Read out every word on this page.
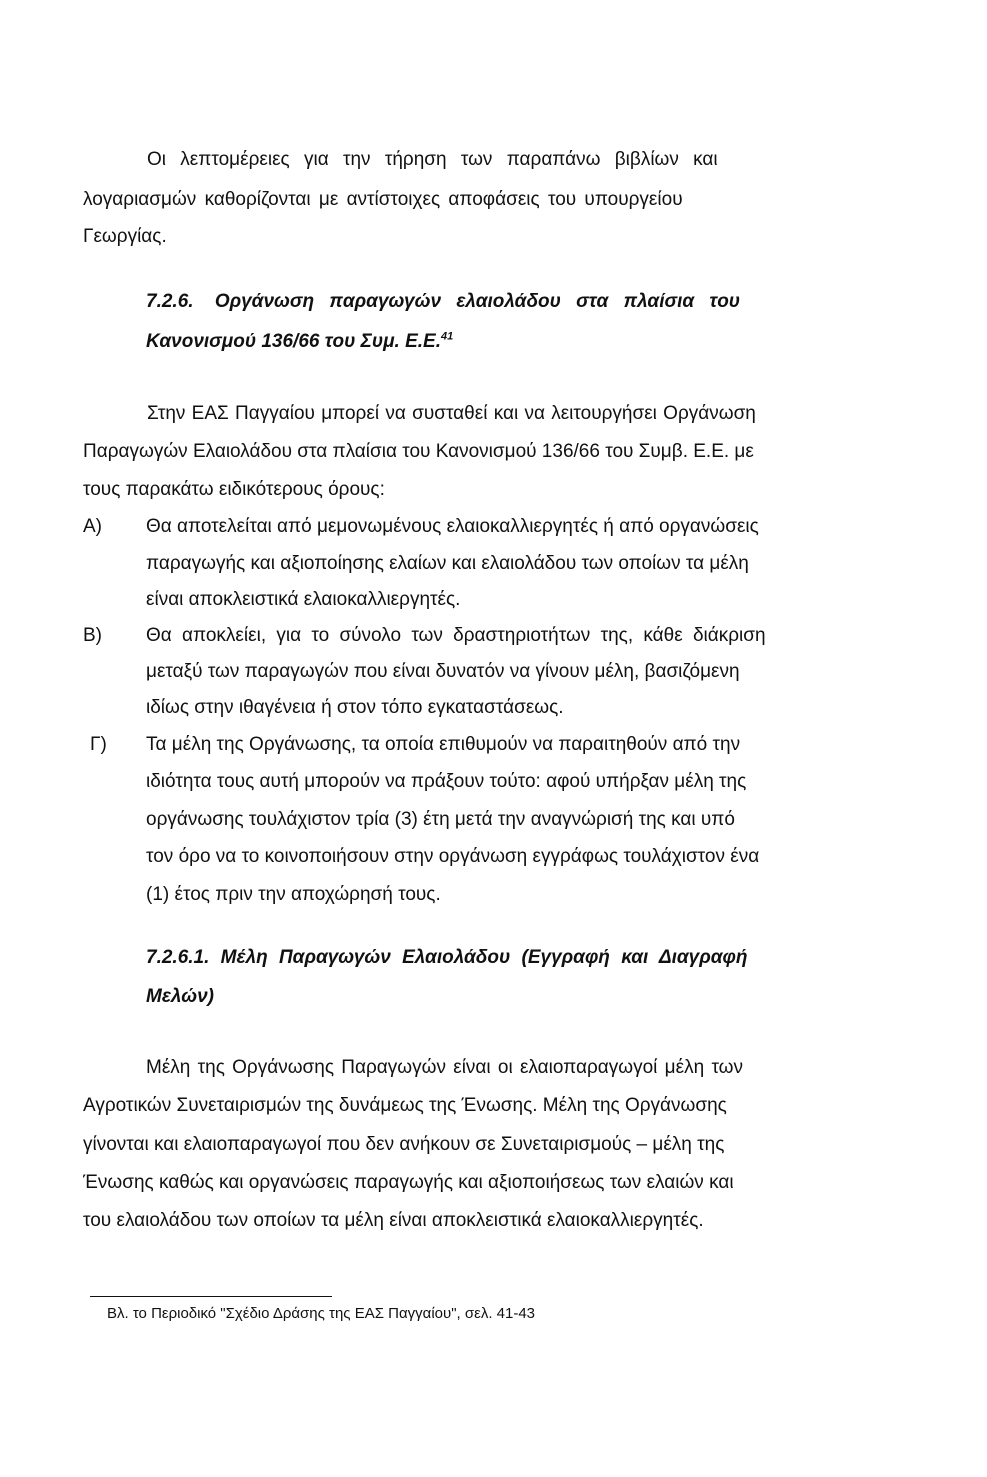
Οι λεπτομέρειες για την τήρηση των παραπάνω βιβλίων και
λογαριασμών καθορίζονται με αντίστοιχες αποφάσεις του υπουργείου
Γεωργίας.
7.2.6. Οργάνωση παραγωγών ελαιολάδου στα πλαίσια του
Κανονισμού 136/66 του Συμ. Ε.Ε.$^{41}$
Στην ΕΑΣ Παγγαίου μπορεί να συσταθεί και να λειτουργήσει Οργάνωση
Παραγωγών Ελαιολάδου στα πλαίσια του Κανονισμού 136/66 του Συμβ. Ε.Ε. με
τους παρακάτω ειδικότερους όρους:
Α) Θα αποτελείται από μεμονωμένους ελαιοκαλλιεργητές ή από οργανώσεις
παραγωγής και αξιοποίησης ελαίων και ελαιολάδου των οποίων τα μέλη
είναι αποκλειστικά ελαιοκαλλιεργητές.
Β) Θα αποκλείει, για το σύνολο των δραστηριοτήτων της, κάθε διάκριση
μεταξύ των παραγωγών που είναι δυνατόν να γίνουν μέλη, βασιζόμενη
ιδίως στην ιθαγένεια ή στον τόπο εγκαταστάσεως.
Γ) Τα μέλη της Οργάνωσης, τα οποία επιθυμούν να παραιτηθούν από την
ιδιότητα τους αυτή μπορούν να πράξουν τούτο: αφού υπήρξαν μέλη της
οργάνωσης τουλάχιστον τρία (3) έτη μετά την αναγνώρισή της και υπό
τον όρο να το κοινοποιήσουν στην οργάνωση εγγράφως τουλάχιστον ένα
(1) έτος πριν την αποχώρησή τους.
7.2.6.1. Μέλη Παραγωγών Ελαιολάδου (Εγγραφή και Διαγραφή
Μελών)
Μέλη της Οργάνωσης Παραγωγών είναι οι ελαιοπαραγωγοί μέλη των
Αγροτικών Συνεταιρισμών της δυνάμεως της Ένωσης. Μέλη της Οργάνωσης
γίνονται και ελαιοπαραγωγοί που δεν ανήκουν σε Συνεταιρισμούς – μέλη της
Ένωσης καθώς και οργανώσεις παραγωγής και αξιοποιήσεως των ελαιών και
του ελαιολάδου των οποίων τα μέλη είναι αποκλειστικά ελαιοκαλλιεργητές.
Βλ. το Περιοδικό "Σχέδιο Δράσης της ΕΑΣ Παγγαίου", σελ. 41-43
